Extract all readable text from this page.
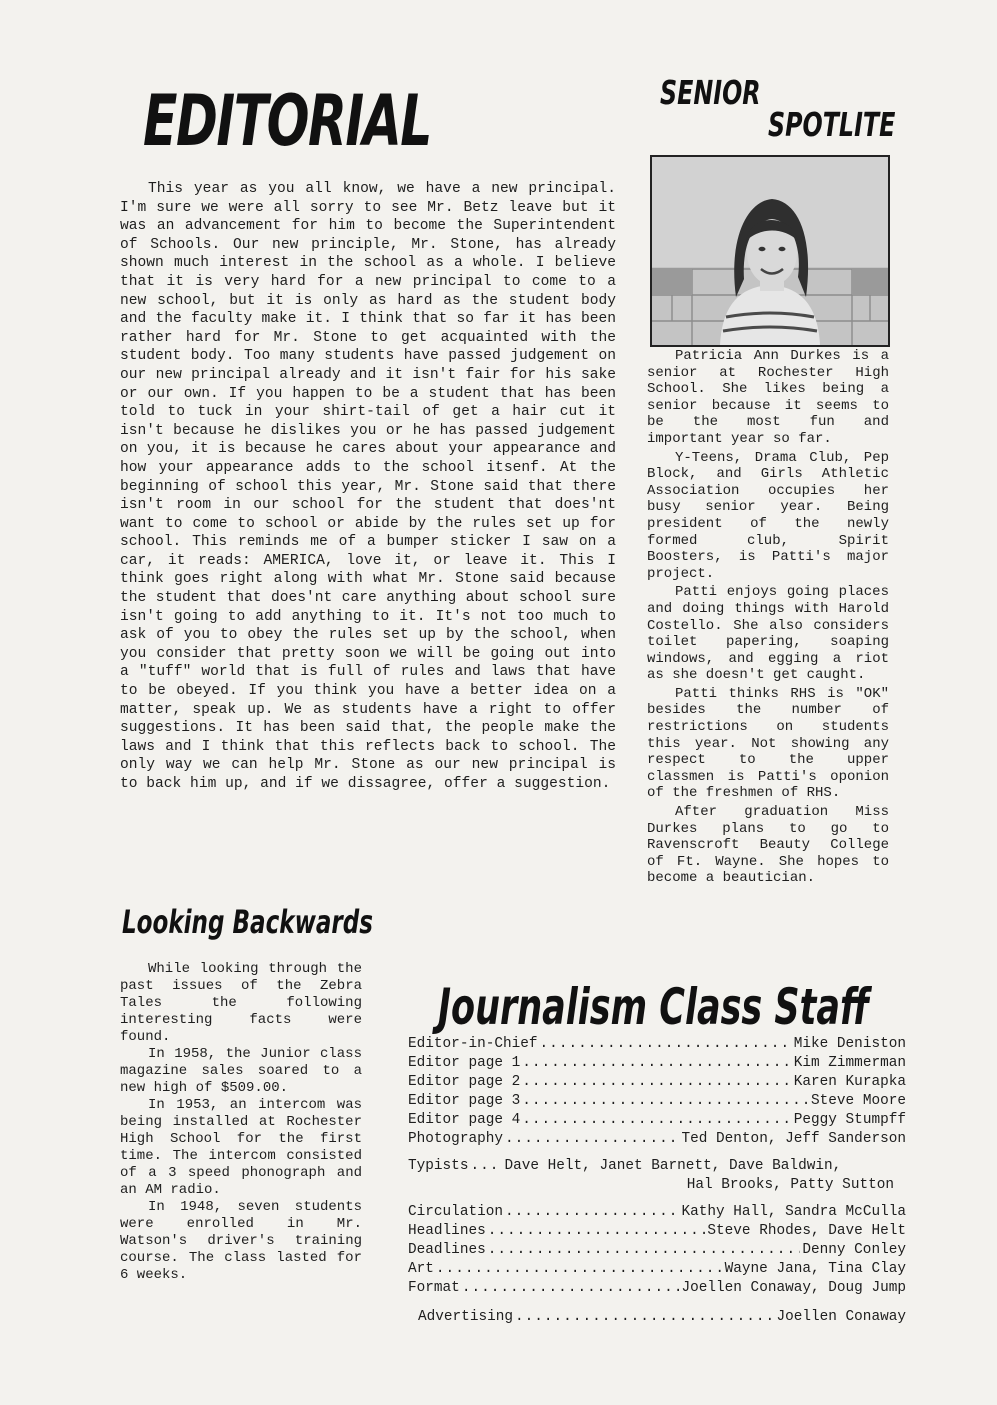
EDITORIAL

This year as you all know, we have a new principal. I'm sure we were all sorry to see Mr. Betz leave but it was an advancement for him to become the Superintendent of Schools. Our new principle, Mr. Stone, has already shown much interest in the school as a whole. I believe that it is very hard for a new principal to come to a new school, but it is only as hard as the student body and the faculty make it. I think that so far it has been rather hard for Mr. Stone to get acquainted with the student body. Too many students have passed judgement on our new principal already and it isn't fair for his sake or our own. If you happen to be a student that has been told to tuck in your shirt-tail of get a hair cut it isn't because he dislikes you or he has passed judgement on you, it is because he cares about your appearance and how your appearance adds to the school itsenf. At the beginning of school this year, Mr. Stone said that there isn't room in our school for the student that does'nt want to come to school or abide by the rules set up for school. This reminds me of a bumper sticker I saw on a car, it reads: AMERICA, love it, or leave it. This I think goes right along with what Mr. Stone said because the student that does'nt care anything about school sure isn't going to add anything to it. It's not too much to ask of you to obey the rules set up by the school, when you consider that pretty soon we will be going out into a "tuff" world that is full of rules and laws that have to be obeyed. If you think you have a better idea on a matter, speak up. We as students have a right to offer suggestions. It has been said that, the people make the laws and I think that this reflects back to school. The only way we can help Mr. Stone as our new principal is to back him up, and if we dissagree, offer a suggestion.

SENIOR
SPOTLITE

Patricia Ann Durkes is a senior at Rochester High School. She likes being a senior because it seems to be the most fun and important year so far.

Y-Teens, Drama Club, Pep Block, and Girls Athletic Association occupies her busy senior year. Being president of the newly formed club, Spirit Boosters, is Patti's major project.

Patti enjoys going places and doing things with Harold Costello. She also considers toilet papering, soaping windows, and egging a riot as she doesn't get caught.

Patti thinks RHS is "OK" besides the number of restrictions on students this year. Not showing any respect to the upper classmen is Patti's oponion of the freshmen of RHS.

After graduation Miss Durkes plans to go to Ravenscroft Beauty College of Ft. Wayne. She hopes to become a beautician.

Looking Backwards

While looking through the past issues of the Zebra Tales the following interesting facts were found.

In 1958, the Junior class magazine sales soared to a new high of $509.00.

In 1953, an intercom was being installed at Rochester High School for the first time. The intercom consisted of a 3 speed phonograph and an AM radio.

In 1948, seven students were enrolled in Mr. Watson's driver's training course. The class lasted for 6 weeks.

Journalism Class Staff
Editor-in-Chief .....	Mike Deniston
Editor page 1 .....	Kim Zimmerman
Editor page 2 .....	Karen Kurapka
Editor page 3 .....	Steve Moore
Editor page 4 .....	Peggy Stumpff
Photography .....	Ted Denton, Jeff Sanderson
Typists .....	Dave Helt, Janet Barnett, Dave Baldwin,
Hal Brooks, Patty Sutton
Circulation .....	Kathy Hall, Sandra McCulla
Headlines .....	Steve Rhodes, Dave Helt
Deadlines .....	Denny Conley
Art .....	Wayne Jana, Tina Clay
Format .....	Joellen Conaway, Doug Jump
Advertising .....	Joellen Conaway
